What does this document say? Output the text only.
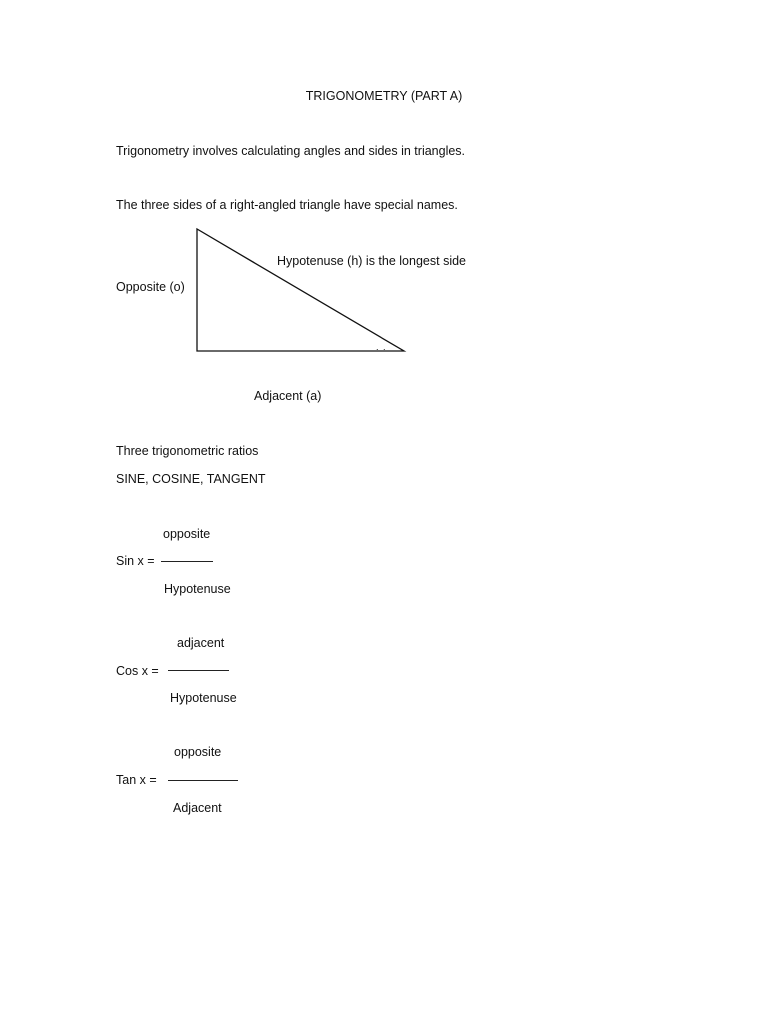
TRIGONOMETRY (PART A)
Trigonometry involves calculating angles and sides in triangles.
The three sides of a right-angled triangle have special names.
. .
Hypotenuse (h) is the longest side
Opposite (o)
Adjacent (a)
Three trigonometric ratios
SINE, COSINE, TANGENT
opposite
Sin x =
Hypotenuse
adjacent
Cos x =
Hypotenuse
opposite
Tan x =
Adjacent
